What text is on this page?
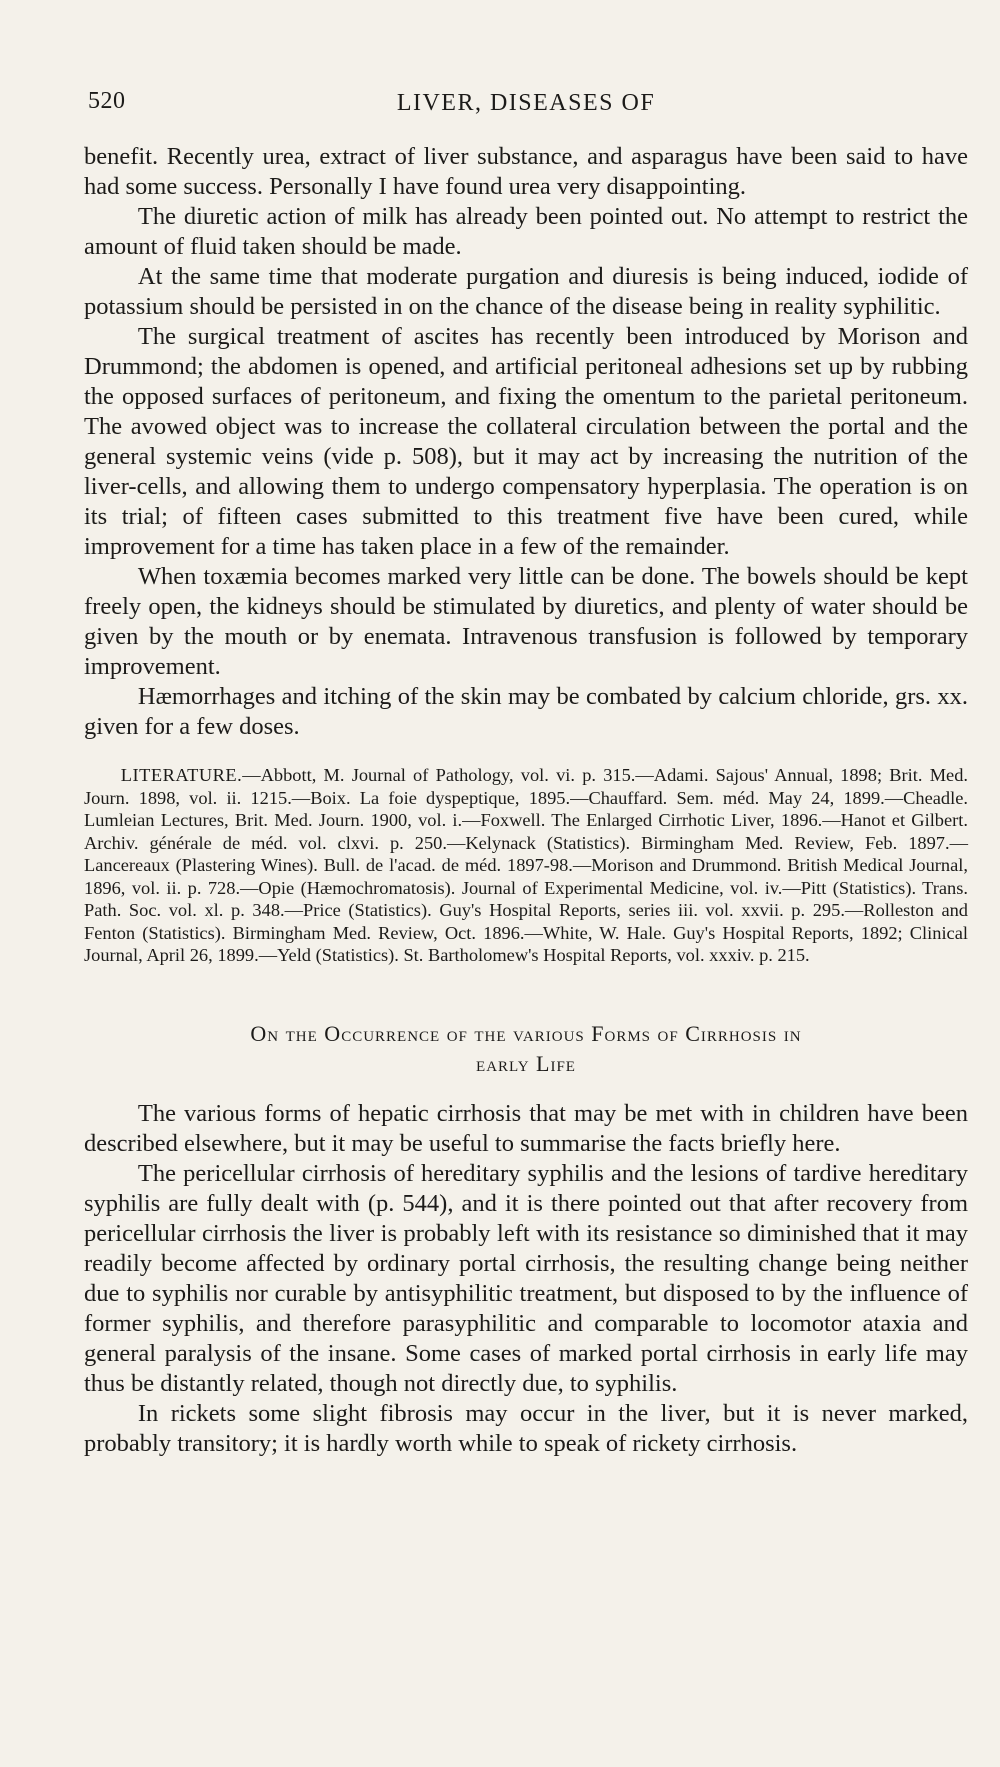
520	LIVER, DISEASES OF

benefit. Recently urea, extract of liver substance, and asparagus have been said to have had some success. Personally I have found urea very disappointing.

The diuretic action of milk has already been pointed out. No attempt to restrict the amount of fluid taken should be made.

At the same time that moderate purgation and diuresis is being induced, iodide of potassium should be persisted in on the chance of the disease being in reality syphilitic.

The surgical treatment of ascites has recently been introduced by Morison and Drummond; the abdomen is opened, and artificial peritoneal adhesions set up by rubbing the opposed surfaces of peritoneum, and fixing the omentum to the parietal peritoneum. The avowed object was to increase the collateral circulation between the portal and the general systemic veins (vide p. 508), but it may act by increasing the nutrition of the liver-cells, and allowing them to undergo compensatory hyperplasia. The operation is on its trial; of fifteen cases submitted to this treatment five have been cured, while improvement for a time has taken place in a few of the remainder.

When toxæmia becomes marked very little can be done. The bowels should be kept freely open, the kidneys should be stimulated by diuretics, and plenty of water should be given by the mouth or by enemata. Intravenous transfusion is followed by temporary improvement.

Hæmorrhages and itching of the skin may be combated by calcium chloride, grs. xx. given for a few doses.

LITERATURE.—Abbott, M. Journal of Pathology, vol. vi. p. 315.—Adami. Sajous' Annual, 1898; Brit. Med. Journ. 1898, vol. ii. 1215.—Boix. La foie dyspeptique, 1895.—Chauffard. Sem. méd. May 24, 1899.—Cheadle. Lumleian Lectures, Brit. Med. Journ. 1900, vol. i.—Foxwell. The Enlarged Cirrhotic Liver, 1896.—Hanot et Gilbert. Archiv. générale de méd. vol. clxvi. p. 250.—Kelynack (Statistics). Birmingham Med. Review, Feb. 1897.—Lancereaux (Plastering Wines). Bull. de l'acad. de méd. 1897-98.—Morison and Drummond. British Medical Journal, 1896, vol. ii. p. 728.—Opie (Hæmochromatosis). Journal of Experimental Medicine, vol. iv.—Pitt (Statistics). Trans. Path. Soc. vol. xl. p. 348.—Price (Statistics). Guy's Hospital Reports, series iii. vol. xxvii. p. 295.—Rolleston and Fenton (Statistics). Birmingham Med. Review, Oct. 1896.—White, W. Hale. Guy's Hospital Reports, 1892; Clinical Journal, April 26, 1899.—Yeld (Statistics). St. Bartholomew's Hospital Reports, vol. xxxiv. p. 215.
On the Occurrence of the various Forms of Cirrhosis in
early Life

The various forms of hepatic cirrhosis that may be met with in children have been described elsewhere, but it may be useful to summarise the facts briefly here.

The pericellular cirrhosis of hereditary syphilis and the lesions of tardive hereditary syphilis are fully dealt with (p. 544), and it is there pointed out that after recovery from pericellular cirrhosis the liver is probably left with its resistance so diminished that it may readily become affected by ordinary portal cirrhosis, the resulting change being neither due to syphilis nor curable by antisyphilitic treatment, but disposed to by the influence of former syphilis, and therefore parasyphilitic and comparable to locomotor ataxia and general paralysis of the insane. Some cases of marked portal cirrhosis in early life may thus be distantly related, though not directly due, to syphilis.

In rickets some slight fibrosis may occur in the liver, but it is never marked, probably transitory; it is hardly worth while to speak of rickety cirrhosis.
